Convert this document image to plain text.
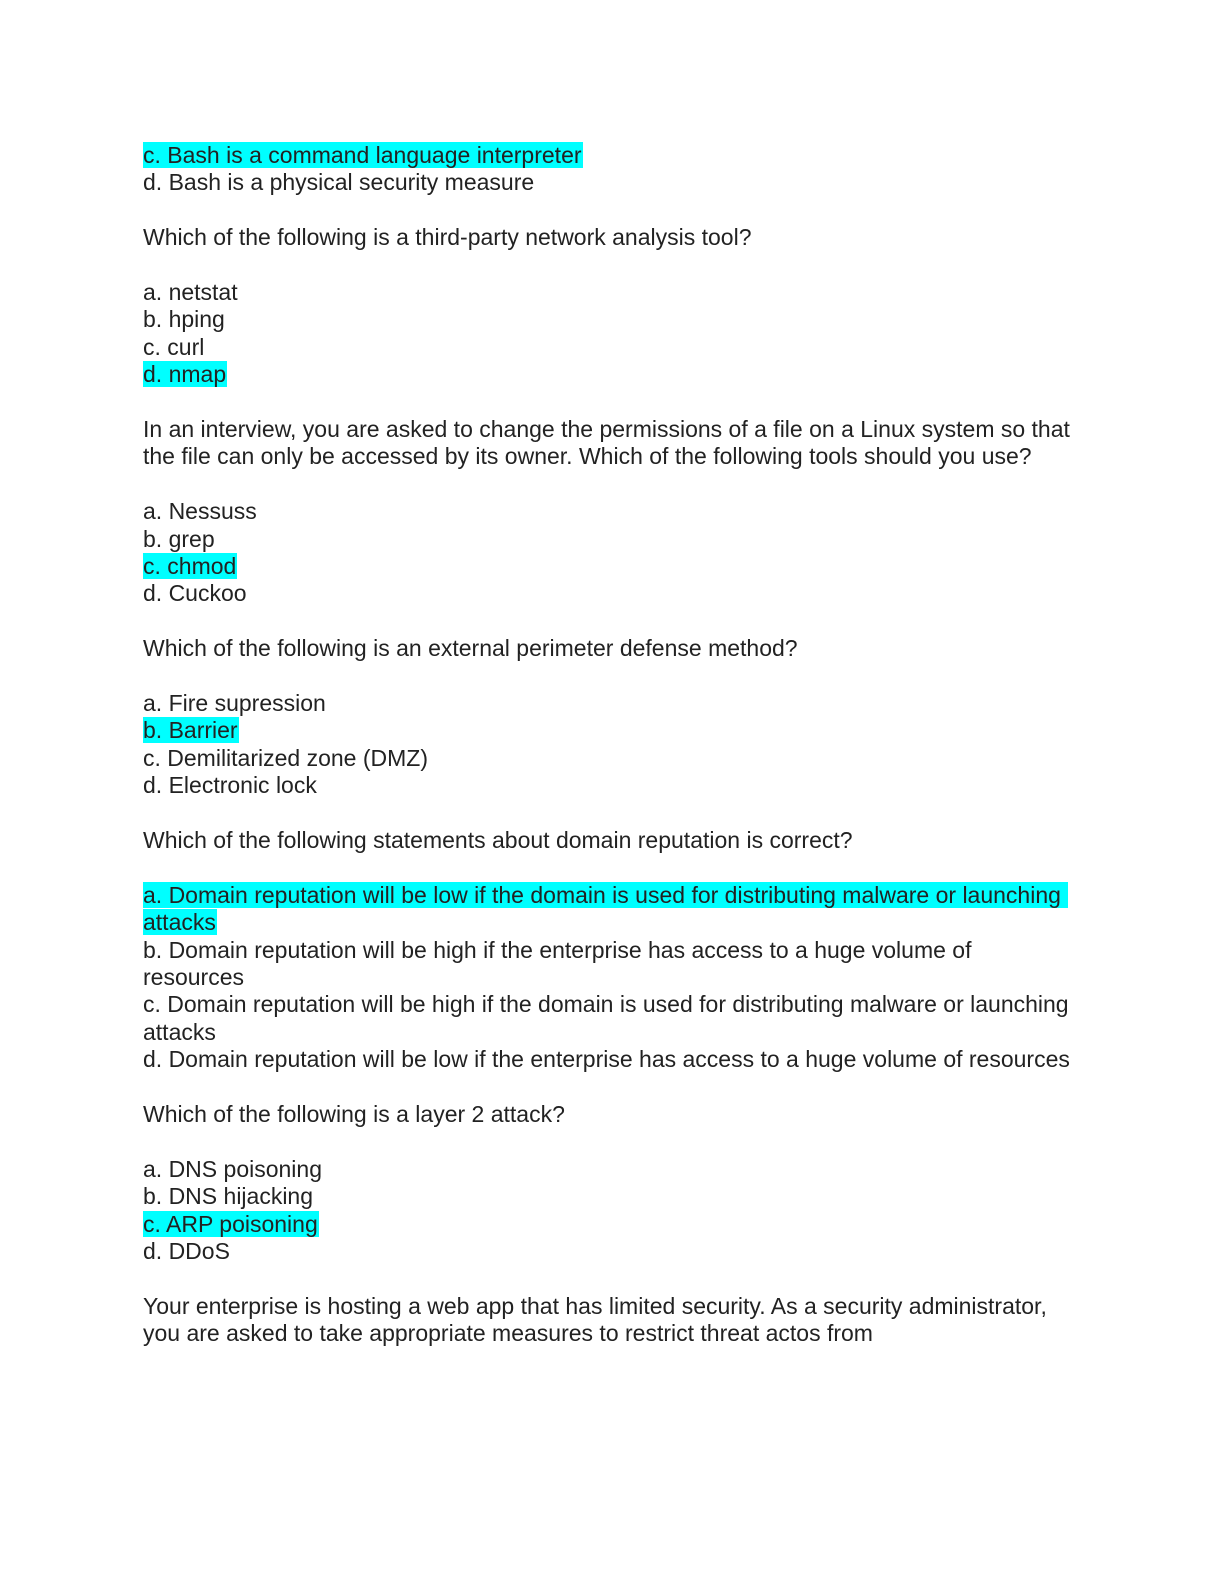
c. Bash is a command language interpreter
d. Bash is a physical security measure
Which of the following is a third-party network analysis tool?
a. netstat
b. hping
c. curl
d. nmap
In an interview, you are asked to change the permissions of a file on a Linux system so that the file can only be accessed by its owner. Which of the following tools should you use?
a. Nessuss
b. grep
c. chmod
d. Cuckoo
Which of the following is an external perimeter defense method?
a. Fire supression
b. Barrier
c. Demilitarized zone (DMZ)
d. Electronic lock
Which of the following statements about domain reputation is correct?
a. Domain reputation will be low if the domain is used for distributing malware or launching attacks
b. Domain reputation will be high if the enterprise has access to a huge volume of resources
c. Domain reputation will be high if the domain is used for distributing malware or launching attacks
d. Domain reputation will be low if the enterprise has access to a huge volume of resources
Which of the following is a layer 2 attack?
a. DNS poisoning
b. DNS hijacking
c. ARP poisoning
d. DDoS
Your enterprise is hosting a web app that has limited security. As a security administrator, you are asked to take appropriate measures to restrict threat actos from
